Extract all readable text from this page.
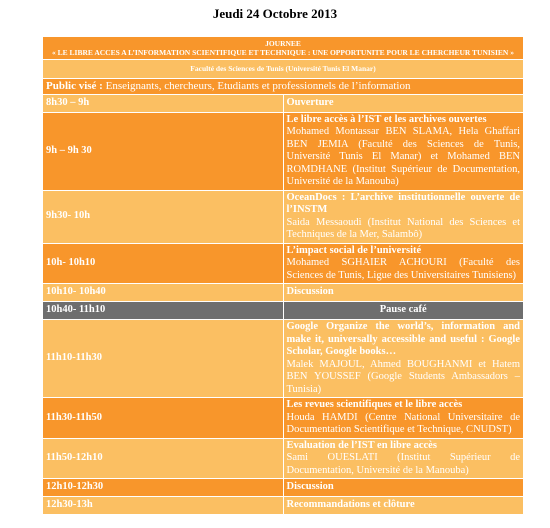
Jeudi 24 Octobre 2013
JOURNEE
« LE LIBRE ACCES A L’INFORMATION SCIENTIFIQUE ET TECHNIQUE : UNE OPPORTUNITE POUR LE CHERCHEUR TUNISIEN »	

Faculté des Sciences de Tunis (Université Tunis El Manar)	
Public visé : Enseignants, chercheurs, Etudiants et professionnels de l’information	
8h30 – 9h	Ouverture
9h – 9h 30	Le libre accès à l’IST et les archives ouvertes
Mohamed Montassar BEN SLAMA, Hela Ghaffari BEN JEMIA (Faculté des Sciences de Tunis, Université Tunis El Manar) et Mohamed BEN ROMDHANE (Institut Supérieur de Documentation, Université de la Manouba)

9h30- 10h	OceanDocs : L’archive institutionnelle ouverte de l’INSTM
Saida Messaoudi (Institut National des Sciences et Techniques de la Mer, Salambô)

10h- 10h10	L’impact social de l’université
Mohamed SGHAIER ACHOURI (Faculté des Sciences de Tunis, Ligue des Universitaires Tunisiens)

10h10- 10h40	Discussion
10h40- 11h10	Pause café
11h10-11h30	Google Organize the world’s, information and make it, universally accessible and useful : Google Scholar, Google books…
Malek MAJOUL, Ahmed BOUGHANMI et Hatem BEN YOUSSEF (Google Students Ambassadors – Tunisia)

11h30-11h50	Les revues scientifiques et le libre accès
Houda HAMDI (Centre National Universitaire de Documentation Scientifique et Technique, CNUDST)

11h50-12h10	Evaluation de l’IST en libre accès
Sami OUESLATI (Institut Supérieur de Documentation, Université de la Manouba)

12h10-12h30	Discussion
12h30-13h	Recommandations et clôture
